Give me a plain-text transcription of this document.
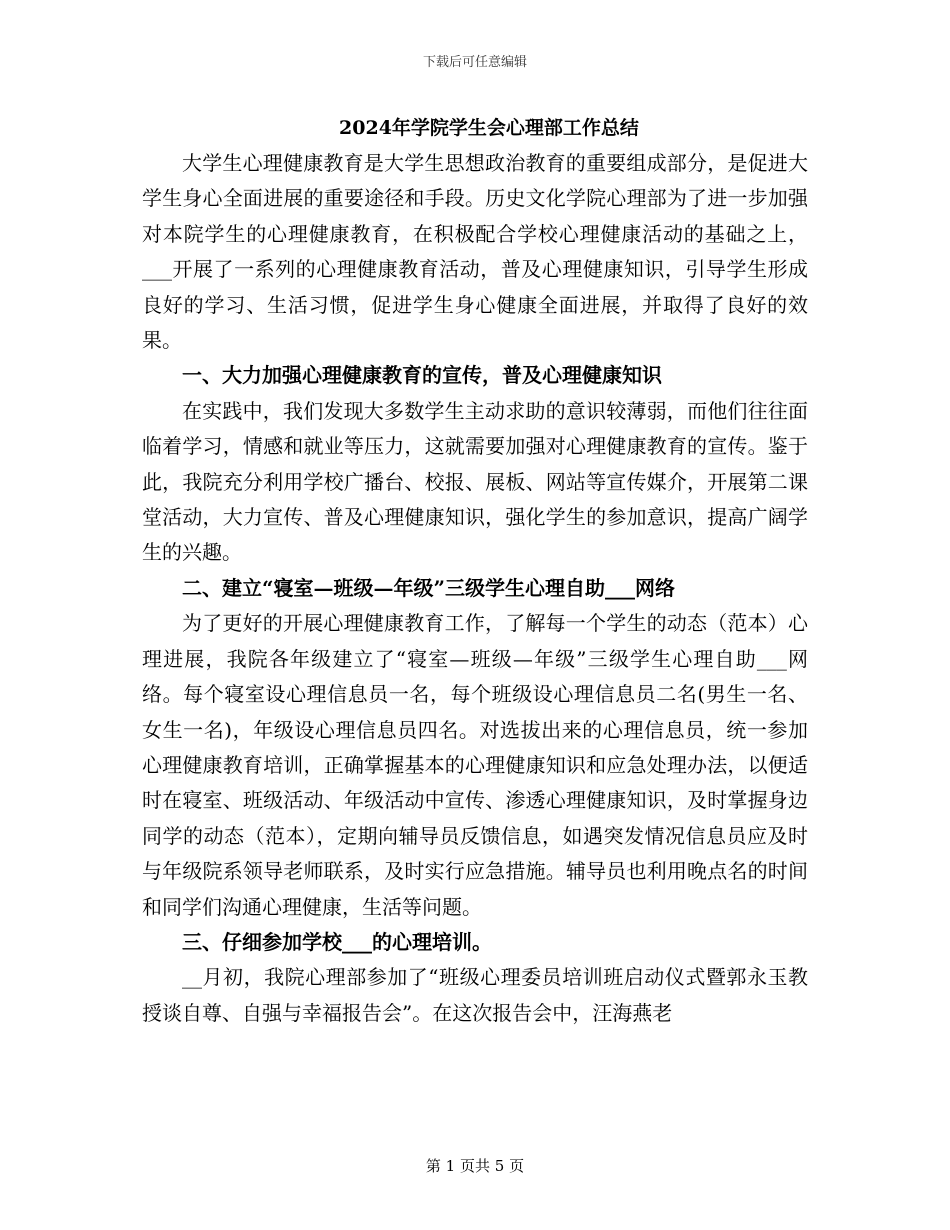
下载后可任意编辑
2024年学院学生会心理部工作总结

大学生心理健康教育是大学生思想政治教育的重要组成部分，是促进大学生身心全面进展的重要途径和手段。历史文化学院心理部为了进一步加强对本院学生的心理健康教育，在积极配合学校心理健康活动的基础之上，___开展了一系列的心理健康教育活动，普及心理健康知识，引导学生形成良好的学习、生活习惯，促进学生身心健康全面进展，并取得了良好的效果。

一、大力加强心理健康教育的宣传，普及心理健康知识

在实践中，我们发现大多数学生主动求助的意识较薄弱，而他们往往面临着学习，情感和就业等压力，这就需要加强对心理健康教育的宣传。鉴于此，我院充分利用学校广播台、校报、展板、网站等宣传媒介，开展第二课堂活动，大力宣传、普及心理健康知识，强化学生的参加意识，提高广阔学生的兴趣。

二、建立“寝室—班级—年级”三级学生心理自助___网络

为了更好的开展心理健康教育工作，了解每一个学生的动态（范本）心理进展，我院各年级建立了“寝室—班级—年级”三级学生心理自助___网络。每个寝室设心理信息员一名，每个班级设心理信息员二名(男生一名、女生一名)，年级设心理信息员四名。对选拔出来的心理信息员，统一参加心理健康教育培训，正确掌握基本的心理健康知识和应急处理办法，以便适时在寝室、班级活动、年级活动中宣传、渗透心理健康知识，及时掌握身边同学的动态（范本），定期向辅导员反馈信息，如遇突发情况信息员应及时与年级院系领导老师联系，及时实行应急措施。辅导员也利用晚点名的时间和同学们沟通心理健康，生活等问题。

三、仔细参加学校___的心理培训。

__月初，我院心理部参加了“班级心理委员培训班启动仪式暨郭永玉教授谈自尊、自强与幸福报告会”。在这次报告会中，汪海燕老

第 1 页共 5 页
